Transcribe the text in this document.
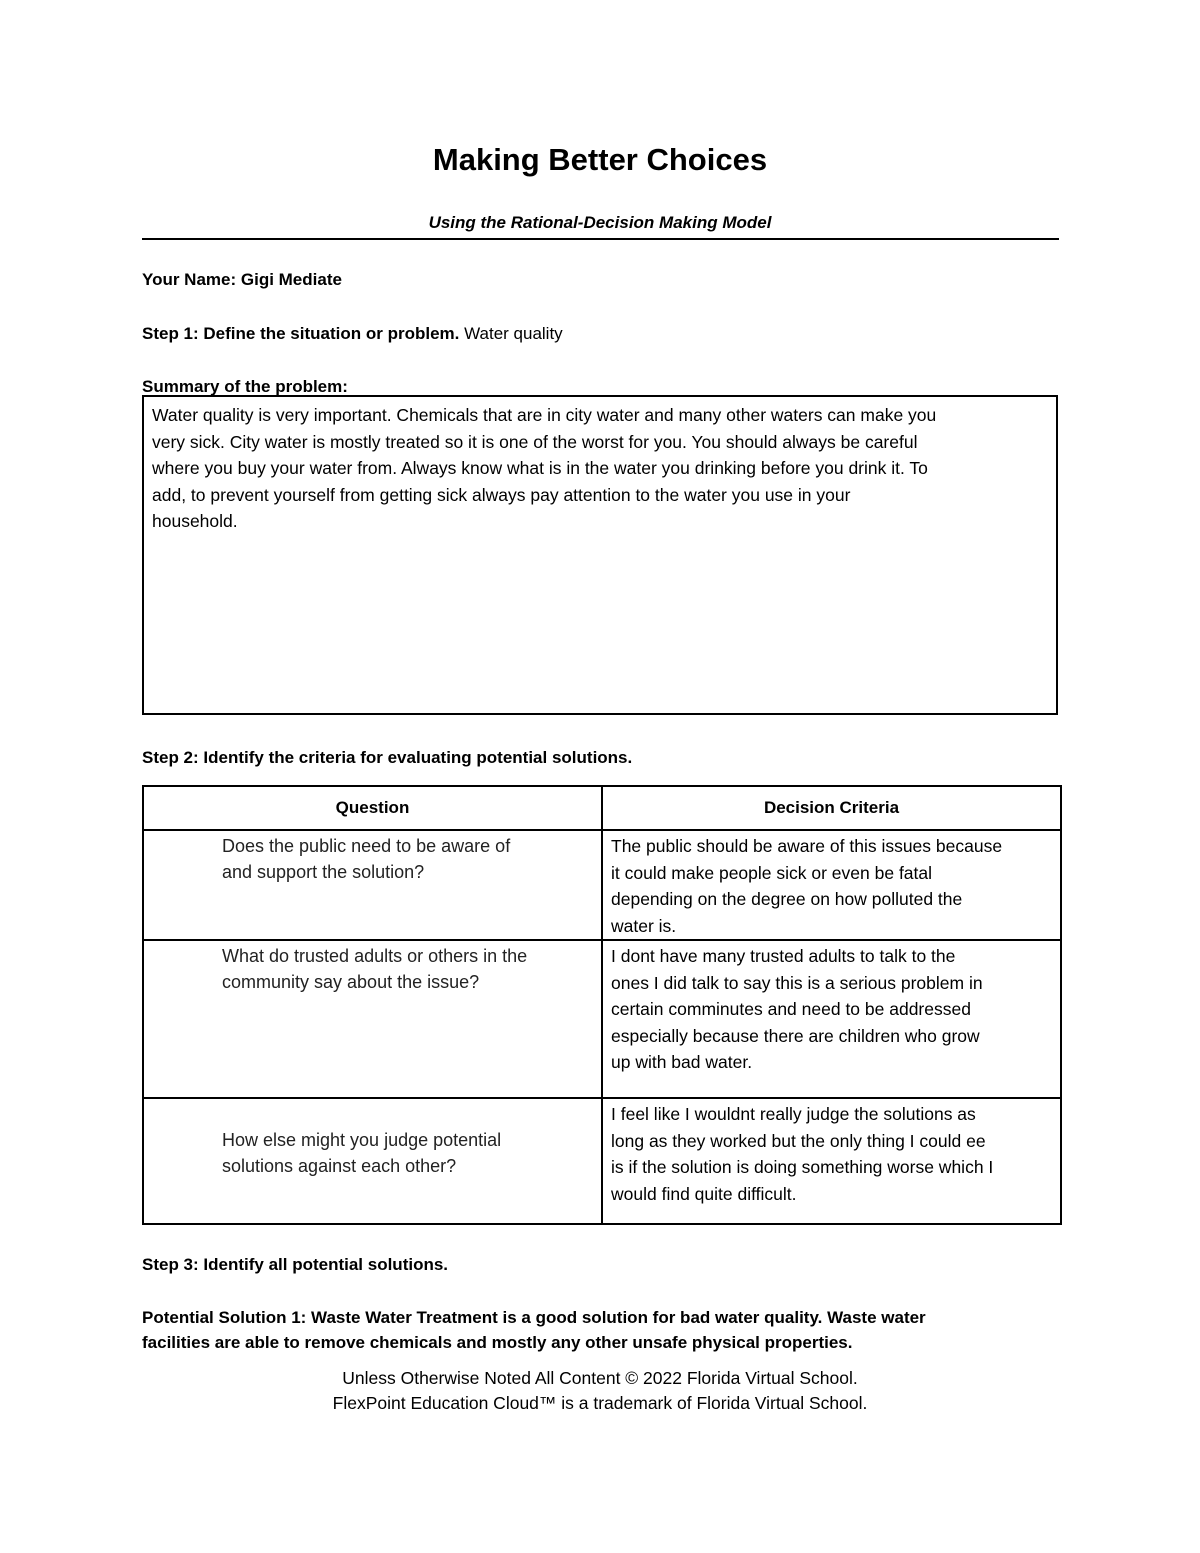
Making Better Choices
Using the Rational-Decision Making Model
Your Name: Gigi Mediate
Step 1: Define the situation or problem. Water quality
Summary of the problem:
Water quality is very important. Chemicals that are in city water and many other waters can make you
very sick. City water is mostly treated so it is one of the worst for you. You should always be careful
where you buy your water from. Always know what is in the water you drinking before you drink it. To
add, to prevent yourself from getting sick always pay attention to the water you use in your
household.
Step 2: Identify the criteria for evaluating potential solutions.
Question	Decision Criteria

Does the public need to be aware of
and support the solution?	The public should be aware of this issues because
it could make people sick or even be fatal
depending on the degree on how polluted the
water is.

What do trusted adults or others in the
community say about the issue?	I dont have many trusted adults to talk to the
ones I did talk to say this is a serious problem in
certain comminutes and need to be addressed
especially because there are children who grow
up with bad water.

How else might you judge potential
solutions against each other?	I feel like I wouldnt really judge the solutions as
long as they worked but the only thing I could ee
is if the solution is doing something worse which I
would find quite difficult.
Step 3: Identify all potential solutions.
Potential Solution 1: Waste Water Treatment is a good solution for bad water quality. Waste water
facilities are able to remove chemicals and mostly any other unsafe physical properties.
Unless Otherwise Noted All Content © 2022 Florida Virtual School.
FlexPoint Education Cloud™ is a trademark of Florida Virtual School.
